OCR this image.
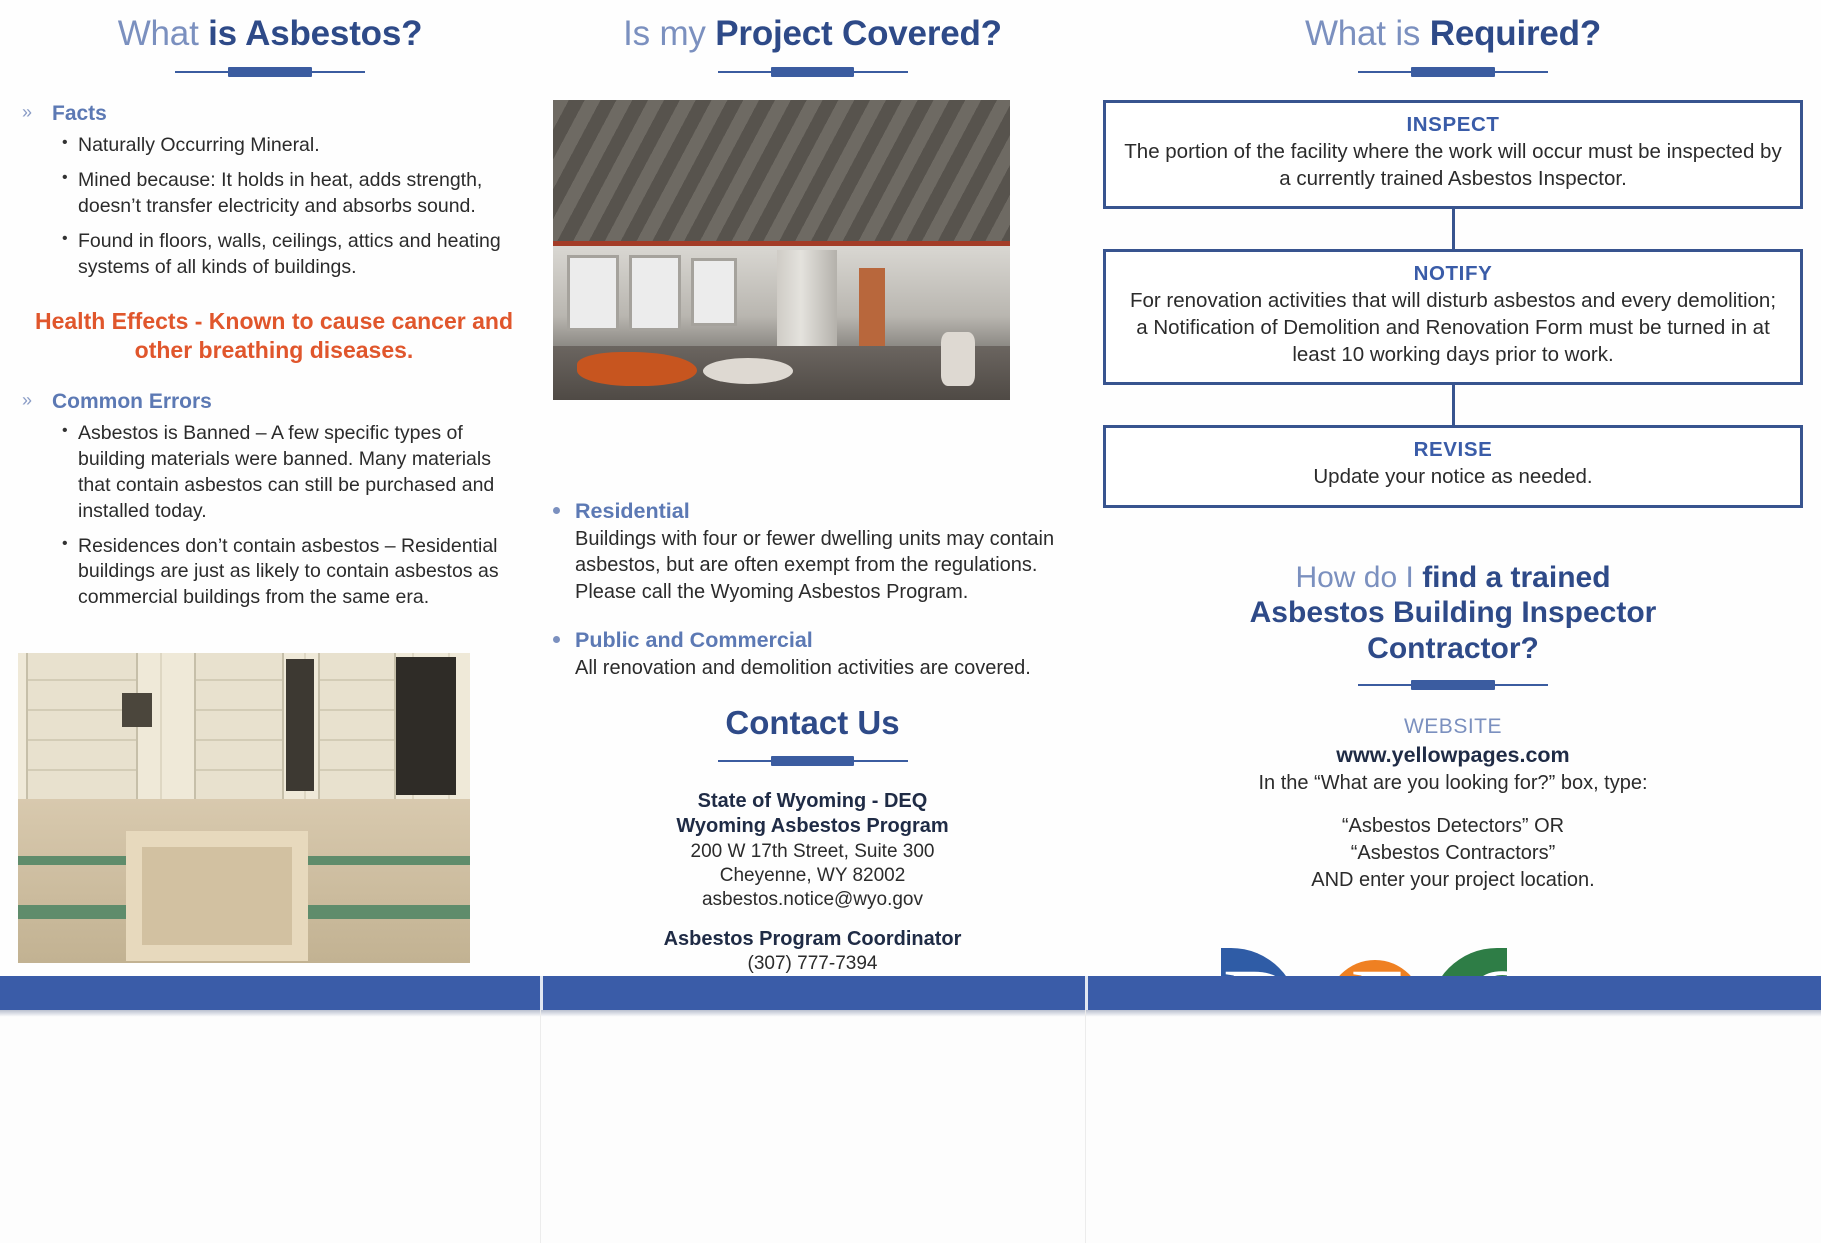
What is Asbestos?
» Facts
• Naturally Occurring Mineral.
• Mined because: It holds in heat, adds strength, doesn’t transfer electricity and absorbs sound.
• Found in floors, walls, ceilings, attics and heating systems of all kinds of buildings.
Health Effects - Known to cause cancer and other breathing diseases.
» Common Errors
• Asbestos is Banned – A few specific types of building materials were banned. Many materials that contain asbestos can still be purchased and installed today.
• Residences don’t contain asbestos – Residential buildings are just as likely to contain asbestos as commercial buildings from the same era.
Is my Project Covered?
Residential
Buildings with four or fewer dwelling units may contain asbestos, but are often exempt from the regulations. Please call the Wyoming Asbestos Program.
Public and Commercial
All renovation and demolition activities are covered.
Contact Us
State of Wyoming - DEQ
Wyoming Asbestos Program
200 W 17th Street, Suite 300
Cheyenne, WY 82002
asbestos.notice@wyo.gov
Asbestos Program Coordinator
(307) 777-7394
What is Required?
INSPECT
The portion of the facility where the work will occur must be inspected by a currently trained Asbestos Inspector.
NOTIFY
For renovation activities that will disturb asbestos and every demolition; a Notification of Demolition and Renovation Form must be turned in at least 10 working days prior to work.
REVISE
Update your notice as needed.
How do I find a trained
Asbestos Building Inspector
Contractor?
WEBSITE
www.yellowpages.com
In the “What are you looking for?” box, type:
“Asbestos Detectors” OR
“Asbestos Contractors”
AND enter your project location.
